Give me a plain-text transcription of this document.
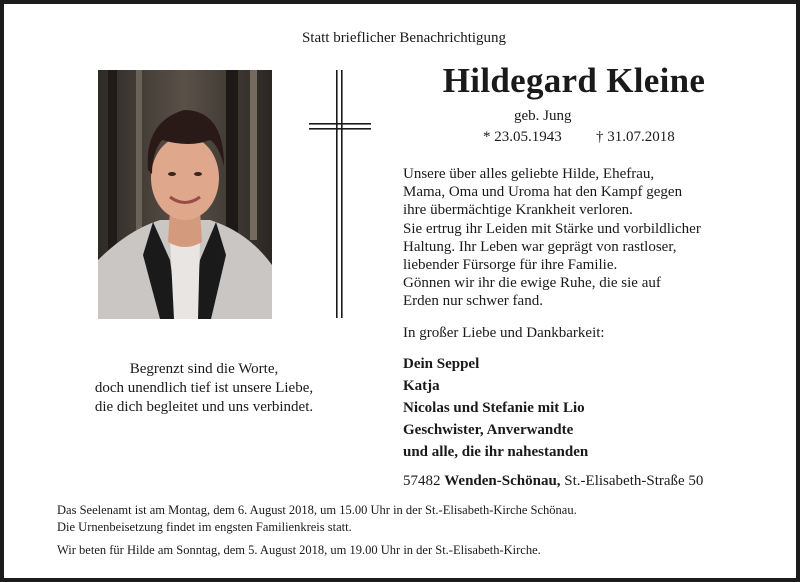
Statt brieflicher Benachrichtigung
Hildegard Kleine
geb. Jung
* 23.05.1943 † 31.07.2018
Unsere über alles geliebte Hilde, Ehefrau,
Mama, Oma und Uroma hat den Kampf gegen
ihre übermächtige Krankheit verloren.
Sie ertrug ihr Leiden mit Stärke und vorbildlicher
Haltung. Ihr Leben war geprägt von rastloser,
liebender Fürsorge für ihre Familie.
Gönnen wir ihr die ewige Ruhe, die sie auf
Erden nur schwer fand.
In großer Liebe und Dankbarkeit:
Dein Seppel
Katja
Nicolas und Stefanie mit Lio
Geschwister, Anverwandte
und alle, die ihr nahestanden
57482 Wenden-Schönau, St.-Elisabeth-Straße 50
Begrenzt sind die Worte,
doch unendlich tief ist unsere Liebe,
die dich begleitet und uns verbindet.
Das Seelenamt ist am Montag, dem 6. August 2018, um 15.00 Uhr in der St.-Elisabeth-Kirche Schönau.
Die Urnenbeisetzung findet im engsten Familienkreis statt.
Wir beten für Hilde am Sonntag, dem 5. August 2018, um 19.00 Uhr in der St.-Elisabeth-Kirche.
